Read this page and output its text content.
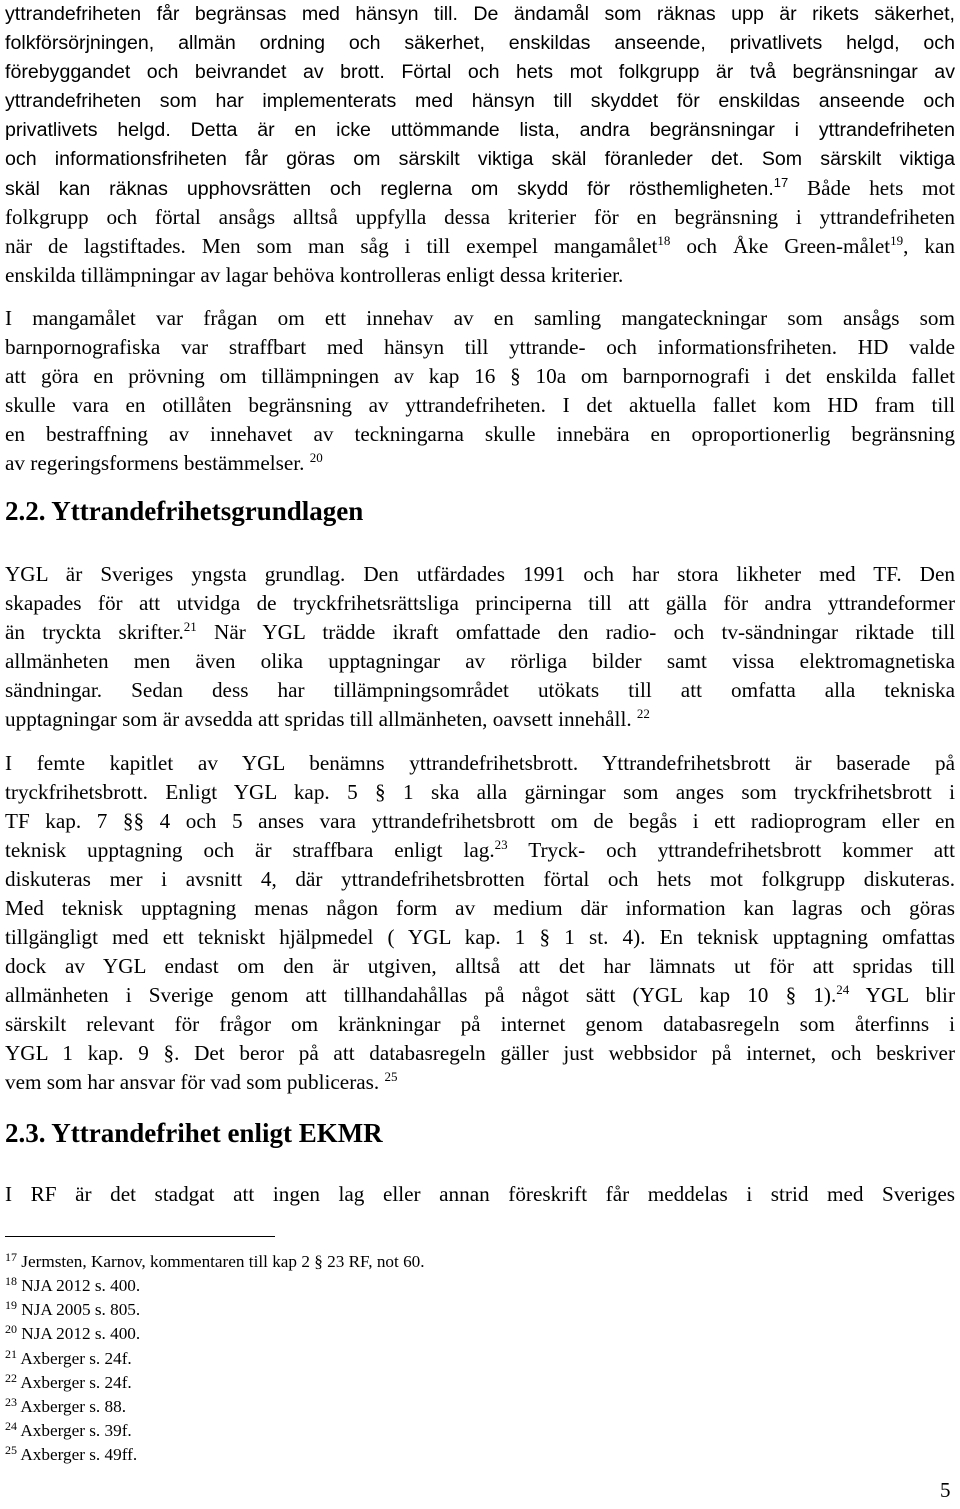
yttrandefriheten får begränsas med hänsyn till. De ändamål som räknas upp är rikets säkerhet,
folkförsörjningen, allmän ordning och säkerhet, enskildas anseende, privatlivets helgd, och
förebyggandet och beivrandet av brott. Förtal och hets mot folkgrupp är två begränsningar av
yttrandefriheten som har implementerats med hänsyn till skyddet för enskildas anseende och
privatlivets helgd. Detta är en icke uttömmande lista, andra begränsningar i yttrandefriheten
och informationsfriheten får göras om särskilt viktiga skäl föranleder det. Som särskilt viktiga
skäl kan räknas upphovsrätten och reglerna om skydd för rösthemligheten.$^{17}$ Både hets mot
folkgrupp och förtal ansågs alltså uppfylla dessa kriterier för en begränsning i yttrandefriheten
när de lagstiftades. Men som man såg i till exempel mangamålet$^{18}$ och Åke Green-målet$^{19}$, kan
enskilda tillämpningar av lagar behöva kontrolleras enligt dessa kriterier.
I mangamålet var frågan om ett innehav av en samling mangateckningar som ansågs som
barnpornografiska var straffbart med hänsyn till yttrande- och informationsfriheten. HD valde
att göra en prövning om tillämpningen av kap 16 § 10a om barnpornografi i det enskilda fallet
skulle vara en otillåten begränsning av yttrandefriheten. I det aktuella fallet kom HD fram till
en bestraffning av innehavet av teckningarna skulle innebära en oproportionerlig begränsning
av regeringsformens bestämmelser. $^{20}$
2.2. Yttrandefrihetsgrundlagen
YGL är Sveriges yngsta grundlag. Den utfärdades 1991 och har stora likheter med TF. Den
skapades för att utvidga de tryckfrihetsrättsliga principerna till att gälla för andra yttrandeformer
än tryckta skrifter.$^{21}$ När YGL trädde ikraft omfattade den radio- och tv-sändningar riktade till
allmänheten men även olika upptagningar av rörliga bilder samt vissa elektromagnetiska
sändningar. Sedan dess har tillämpningsområdet utökats till att omfatta alla tekniska
upptagningar som är avsedda att spridas till allmänheten, oavsett innehåll. $^{22}$
I femte kapitlet av YGL benämns yttrandefrihetsbrott. Yttrandefrihetsbrott är baserade på
tryckfrihetsbrott. Enligt YGL kap. 5 § 1 ska alla gärningar som anges som tryckfrihetsbrott i
TF kap. 7 §§ 4 och 5 anses vara yttrandefrihetsbrott om de begås i ett radioprogram eller en
teknisk upptagning och är straffbara enligt lag.$^{23}$ Tryck- och yttrandefrihetsbrott kommer att
diskuteras mer i avsnitt 4, där yttrandefrihetsbrotten förtal och hets mot folkgrupp diskuteras.
Med teknisk upptagning menas någon form av medium där information kan lagras och göras
tillgängligt med ett tekniskt hjälpmedel ( YGL kap. 1 § 1 st. 4). En teknisk upptagning omfattas
dock av YGL endast om den är utgiven, alltså att det har lämnats ut för att spridas till
allmänheten i Sverige genom att tillhandahållas på något sätt (YGL kap 10 § 1).$^{24}$ YGL blir
särskilt relevant för frågor om kränkningar på internet genom databasregeln som återfinns i
YGL 1 kap. 9 §. Det beror på att databasregeln gäller just webbsidor på internet, och beskriver
vem som har ansvar för vad som publiceras. $^{25}$
2.3. Yttrandefrihet enligt EKMR
I RF är det stadgat att ingen lag eller annan föreskrift får meddelas i strid med Sveriges
$^{17}$ Jermsten, Karnov, kommentaren till kap 2 § 23 RF, not 60.
$^{18}$ NJA 2012 s. 400.
$^{19}$ NJA 2005 s. 805.
$^{20}$ NJA 2012 s. 400.
$^{21}$ Axberger s. 24f.
$^{22}$ Axberger s. 24f.
$^{23}$ Axberger s. 88.
$^{24}$ Axberger s. 39f.
$^{25}$ Axberger s. 49ff.
5
